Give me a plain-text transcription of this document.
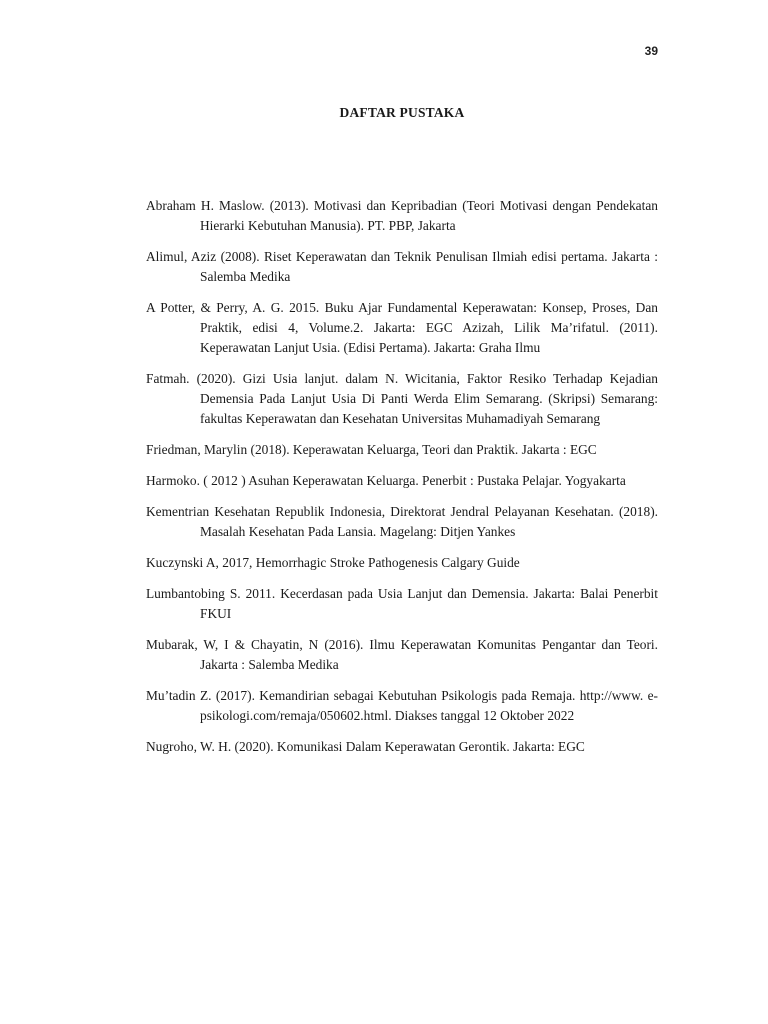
39
DAFTAR PUSTAKA

Abraham H. Maslow. (2013). Motivasi dan Kepribadian (Teori Motivasi dengan Pendekatan Hierarki Kebutuhan Manusia). PT. PBP, Jakarta

Alimul, Aziz (2008). Riset Keperawatan dan Teknik Penulisan Ilmiah edisi pertama. Jakarta : Salemba Medika

A Potter, & Perry, A. G. 2015. Buku Ajar Fundamental Keperawatan: Konsep, Proses, Dan Praktik, edisi 4, Volume.2. Jakarta: EGC Azizah, Lilik Ma’rifatul. (2011). Keperawatan Lanjut Usia. (Edisi Pertama). Jakarta: Graha Ilmu

Fatmah. (2020). Gizi Usia lanjut. dalam N. Wicitania, Faktor Resiko Terhadap Kejadian Demensia Pada Lanjut Usia Di Panti Werda Elim Semarang. (Skripsi) Semarang: fakultas Keperawatan dan Kesehatan Universitas Muhamadiyah Semarang

Friedman, Marylin (2018). Keperawatan Keluarga, Teori dan Praktik. Jakarta : EGC

Harmoko. ( 2012 ) Asuhan Keperawatan Keluarga. Penerbit : Pustaka Pelajar. Yogyakarta

Kementrian Kesehatan Republik Indonesia, Direktorat Jendral Pelayanan Kesehatan. (2018). Masalah Kesehatan Pada Lansia. Magelang: Ditjen Yankes

Kuczynski A, 2017, Hemorrhagic Stroke Pathogenesis Calgary Guide

Lumbantobing S. 2011. Kecerdasan pada Usia Lanjut dan Demensia. Jakarta: Balai Penerbit FKUI

Mubarak, W, I & Chayatin, N (2016). Ilmu Keperawatan Komunitas Pengantar dan Teori. Jakarta : Salemba Medika

Mu’tadin Z. (2017). Kemandirian sebagai Kebutuhan Psikologis pada Remaja. http://www. e-psikologi.com/remaja/050602.html. Diakses tanggal 12 Oktober 2022

Nugroho, W. H. (2020). Komunikasi Dalam Keperawatan Gerontik. Jakarta: EGC
